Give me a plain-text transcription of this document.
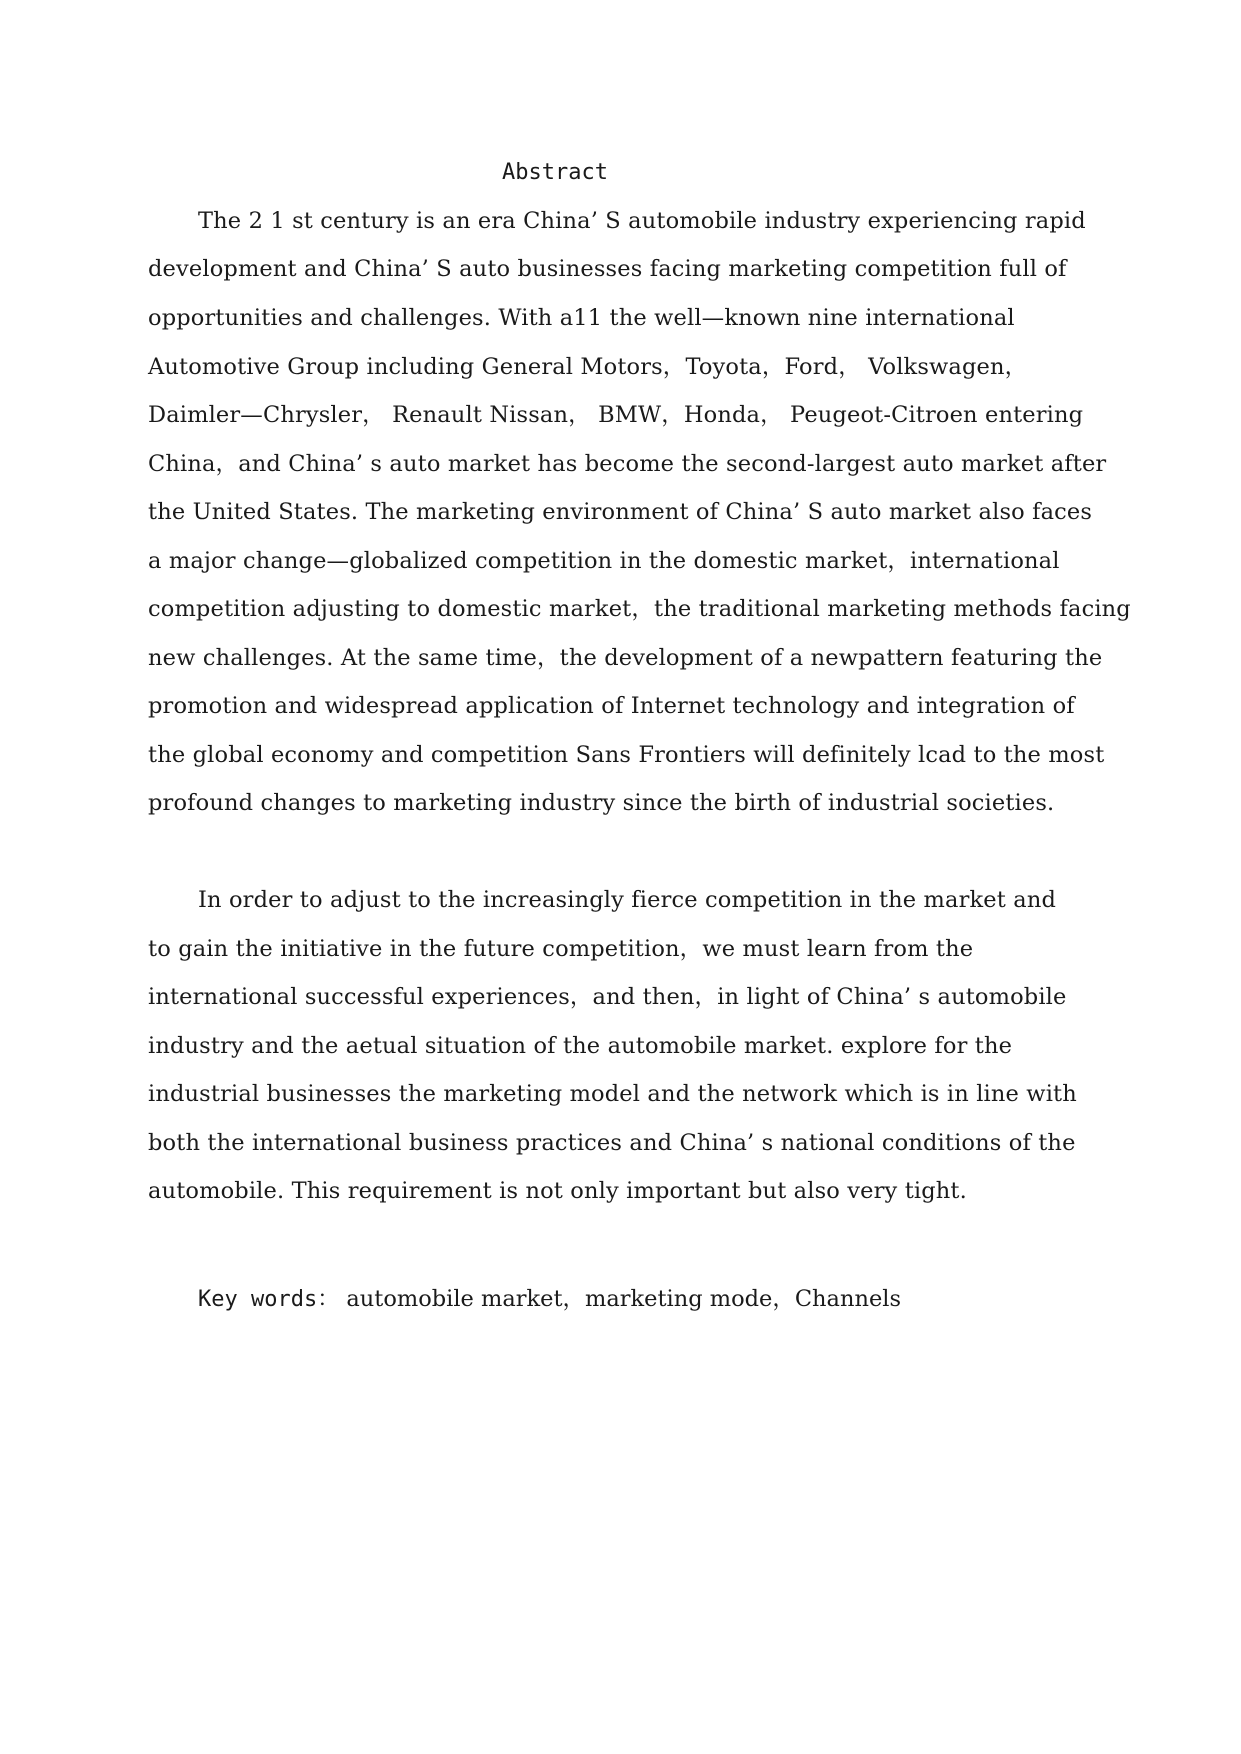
Abstract
The 2 1 st century is an era China’ S automobile industry experiencing rapid
development and China’ S auto businesses facing marketing competition full of
opportunities and challenges. With a11 the well—known nine international
Automotive Group including General Motors，Toyota，Ford， Volkswagen，
Daimler—Chrysler， Renault Nissan， BMW，Honda， Peugeot-Citroen entering
China，and China’ s auto market has become the second-largest auto market after
the United States. The marketing environment of China’ S auto market also faces
a major change—globalized competition in the domestic market，international
competition adjusting to domestic market，the traditional marketing methods facing
new challenges. At the same time，the development of a newpattern featuring the
promotion and widespread application of Internet technology and integration of
the global economy and competition Sans Frontiers will definitely lcad to the most
profound changes to marketing industry since the birth of industrial societies.
In order to adjust to the increasingly fierce competition in the market and
to gain the initiative in the future competition，we must learn from the
international successful experiences，and then，in light of China’ s automobile
industry and the aetual situation of the automobile market. explore for the
industrial businesses the marketing model and the network which is in line with
both the international business practices and China’ s national conditions of the
automobile. This requirement is not only important but also very tight.
Key words： automobile market，marketing mode，Channels
